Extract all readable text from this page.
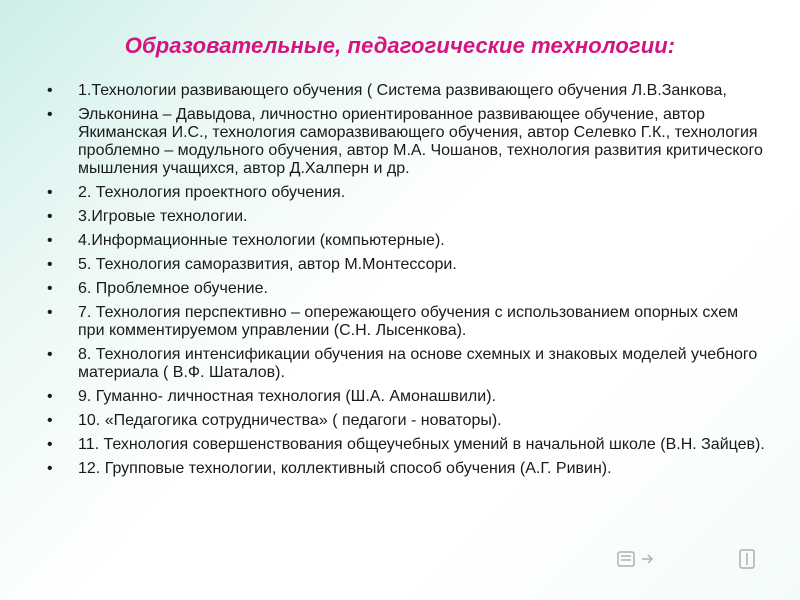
Образовательные, педагогические технологии:
• 1.Технологии развивающего обучения ( Система развивающего обучения Л.В.Занкова,
• Эльконина – Давыдова, личностно ориентированное развивающее обучение, автор Якиманская И.С., технология саморазвивающего обучения, автор Селевко Г.К., технология проблемно – модульного обучения, автор М.А. Чошанов, технология развития критического мышления учащихся, автор Д.Халперн и др.
• 2. Технология проектного обучения.
• 3.Игровые технологии.
• 4.Информационные технологии (компьютерные).
• 5. Технология саморазвития, автор М.Монтессори.
• 6. Проблемное обучение.
• 7. Технология перспективно – опережающего обучения с использованием опорных схем при комментируемом управлении (С.Н. Лысенкова).
• 8. Технология интенсификации обучения на основе схемных и знаковых моделей учебного материала ( В.Ф. Шаталов).
• 9. Гуманно- личностная технология (Ш.А. Амонашвили).
• 10. «Педагогика сотрудничества» ( педагоги - новаторы).
• 11. Технология совершенствования общеучебных умений в начальной школе (В.Н. Зайцев).
• 12. Групповые технологии, коллективный способ обучения (А.Г. Ривин).
